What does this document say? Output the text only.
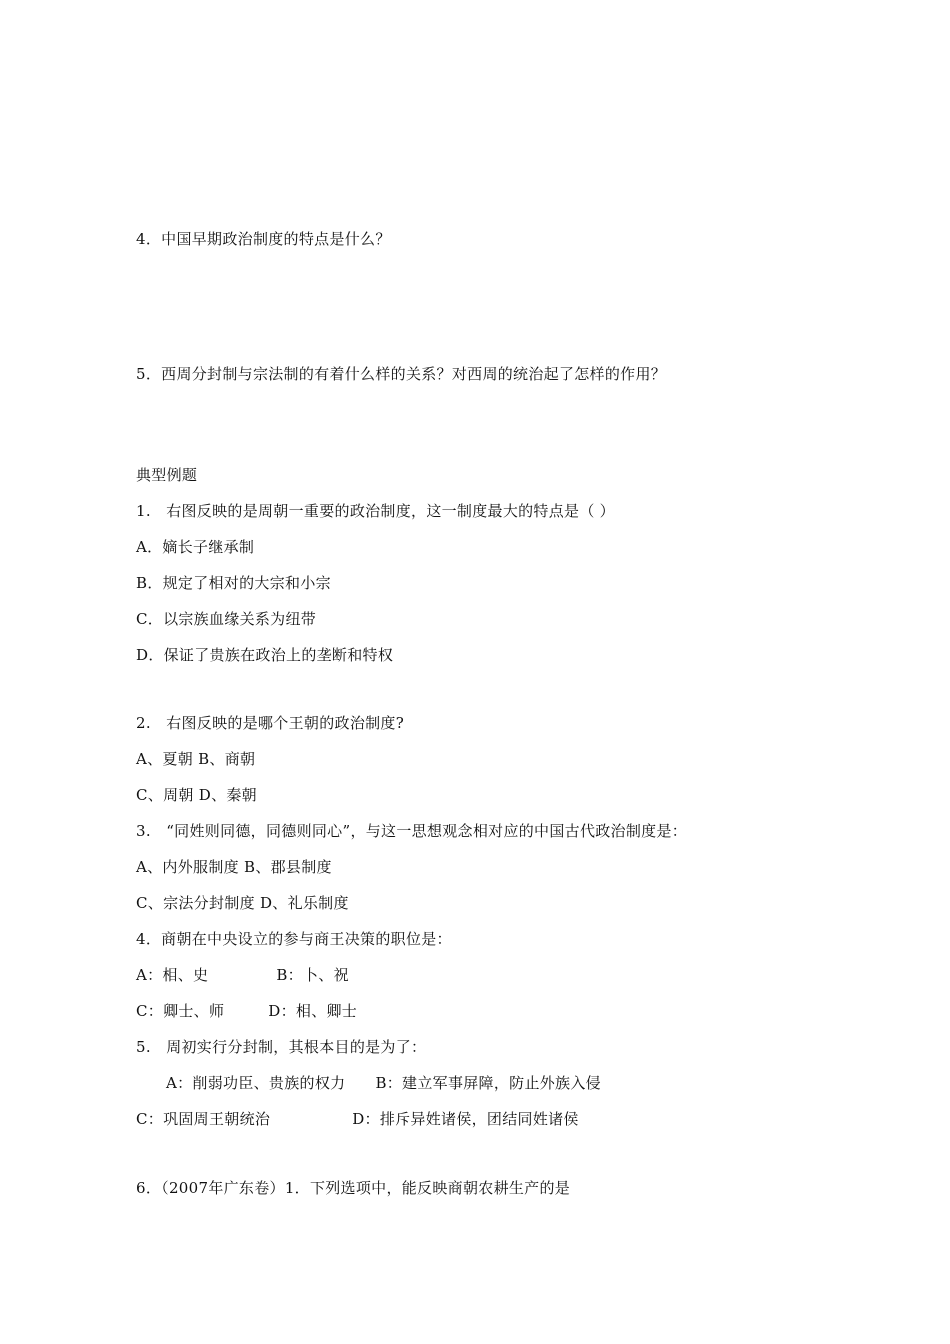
4．中国早期政治制度的特点是什么？
5．西周分封制与宗法制的有着什么样的关系？对西周的统治起了怎样的作用？
典型例题
1.　右图反映的是周朝一重要的政治制度，这一制度最大的特点是（ ）
A．嫡长子继承制
B．规定了相对的大宗和小宗
C．以宗族血缘关系为纽带
D．保证了贵族在政治上的垄断和特权
2.　右图反映的是哪个王朝的政治制度?
A、夏朝 B、商朝
C、周朝 D、秦朝
3.　“同姓则同德，同德则同心”，与这一思想观念相对应的中国古代政治制度是：
A、内外服制度 B、郡县制度
C、宗法分封制度 D、礼乐制度
4．商朝在中央设立的参与商王决策的职位是：
A：相、史	B：卜、祝
C：卿士、师	D：相、卿士
5.　周初实行分封制，其根本目的是为了：
A：削弱功臣、贵族的权力 B：建立军事屏障，防止外族入侵
C：巩固周王朝统治	D：排斥异姓诸侯，团结同姓诸侯
6．（2007年广东卷）1．下列选项中，能反映商朝农耕生产的是
